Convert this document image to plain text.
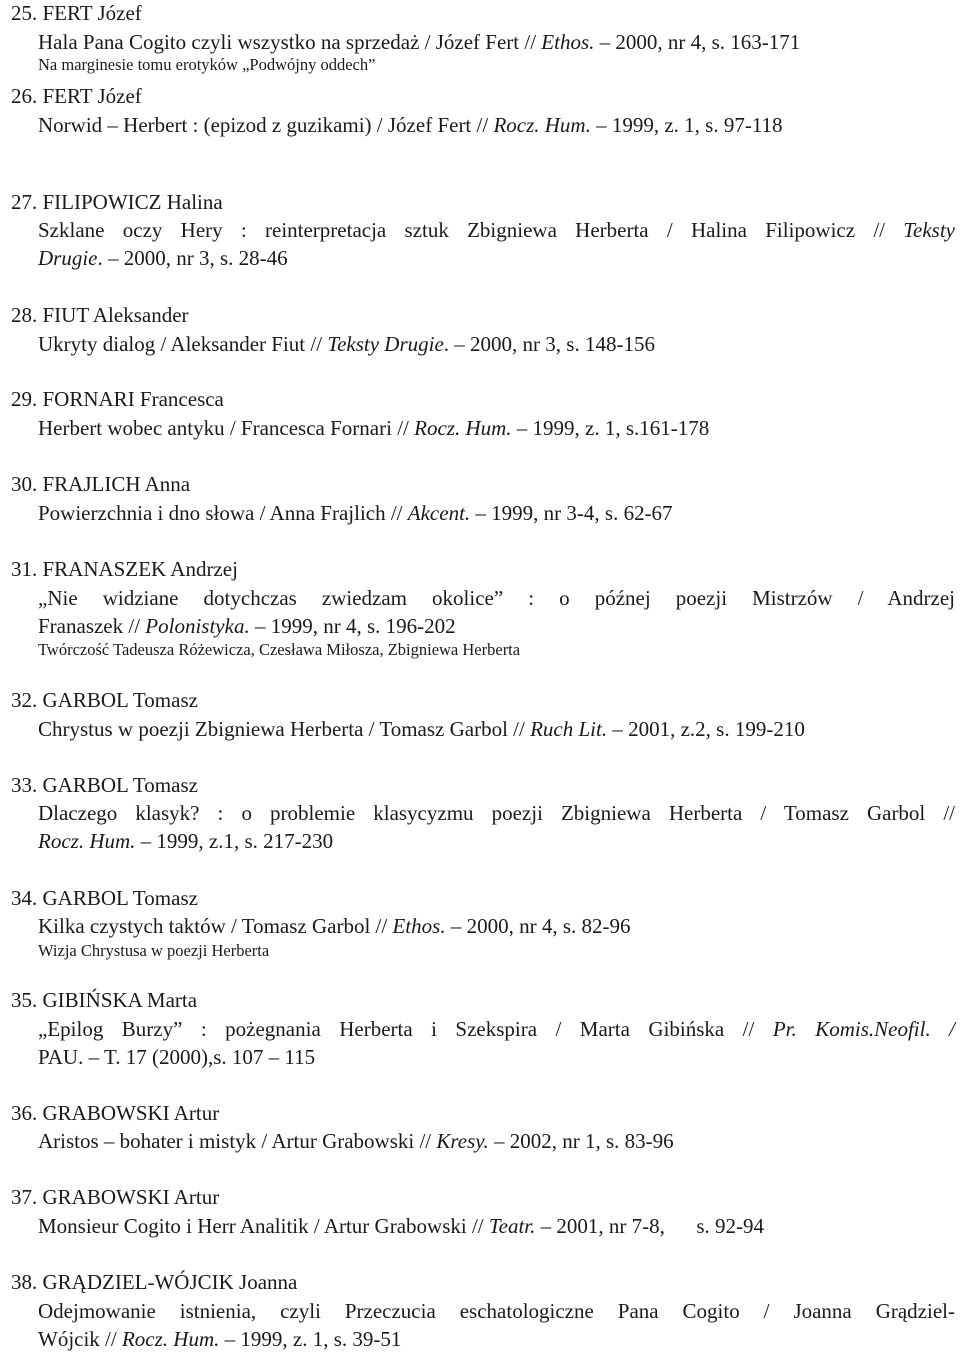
25. FERT Józef
Hala Pana Cogito czyli wszystko na sprzedaż / Józef Fert // Ethos. – 2000, nr 4, s. 163-171
Na marginesie tomu erotyków „Podwójny oddech”
26. FERT Józef
Norwid – Herbert : (epizod z guzikami) / Józef Fert // Rocz. Hum. – 1999, z. 1, s. 97-118
27. FILIPOWICZ Halina
Szklane oczy Hery : reinterpretacja sztuk Zbigniewa Herberta / Halina Filipowicz // Teksty
Drugie. – 2000, nr 3, s. 28-46
28. FIUT Aleksander
Ukryty dialog / Aleksander Fiut // Teksty Drugie. – 2000, nr 3, s. 148-156
29. FORNARI Francesca
Herbert wobec antyku / Francesca Fornari // Rocz. Hum. – 1999, z. 1, s.161-178
30. FRAJLICH Anna
Powierzchnia i dno słowa / Anna Frajlich // Akcent. – 1999, nr 3-4, s. 62-67
31. FRANASZEK Andrzej
„Nie widziane dotychczas zwiedzam okolice” : o późnej poezji Mistrzów / Andrzej
Franaszek // Polonistyka. – 1999, nr 4, s. 196-202
Twórczość Tadeusza Różewicza, Czesława Miłosza, Zbigniewa Herberta
32. GARBOL Tomasz
Chrystus w poezji Zbigniewa Herberta / Tomasz Garbol // Ruch Lit. – 2001, z.2, s. 199-210
33. GARBOL Tomasz
Dlaczego klasyk? : o problemie klasycyzmu poezji Zbigniewa Herberta / Tomasz Garbol //
Rocz. Hum. – 1999, z.1, s. 217-230
34. GARBOL Tomasz
Kilka czystych taktów / Tomasz Garbol // Ethos. – 2000, nr 4, s. 82-96
Wizja Chrystusa w poezji Herberta
35. GIBIŃSKA Marta
„Epilog Burzy” : pożegnania Herberta i Szekspira / Marta Gibińska // Pr. Komis.Neofil. /
PAU. – T. 17 (2000),s. 107 – 115
36. GRABOWSKI Artur
Aristos – bohater i mistyk / Artur Grabowski // Kresy. – 2002, nr 1, s. 83-96
37. GRABOWSKI Artur
Monsieur Cogito i Herr Analitik / Artur Grabowski // Teatr. – 2001, nr 7-8,      s. 92-94
38. GRĄDZIEL-WÓJCIK Joanna
Odejmowanie istnienia, czyli Przeczucia eschatologiczne Pana Cogito / Joanna Grądziel-
Wójcik // Rocz. Hum. – 1999, z. 1, s. 39-51
